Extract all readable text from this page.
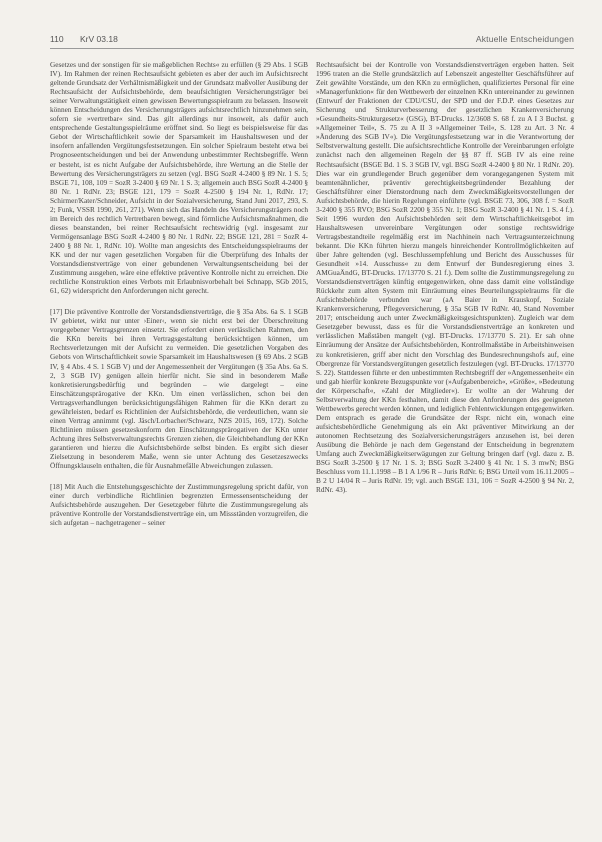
110 KrV 03.18	Aktuelle Entscheidungen

Gesetzes und der sonstigen für sie maßgeblichen Rechts« zu erfüllen (§ 29 Abs. 1 SGB IV). Im Rahmen der reinen Rechtsaufsicht gebieten es aber der auch im Aufsichtsrecht geltende Grundsatz der Verhältnismäßigkeit und der Grundsatz maßvoller Ausübung der Rechtsaufsicht der Aufsichtsbehörde, dem beaufsichtigten Versicherungsträger bei seiner Verwaltungstätigkeit einen gewissen Bewertungsspielraum zu belassen. Insoweit können Entscheidungen des Versicherungsträgers aufsichtsrechtlich hinzunehmen sein, sofern sie »vertretbar« sind. Das gilt allerdings nur insoweit, als dafür auch entsprechende Gestaltungsspielräume eröffnet sind. So liegt es beispielsweise für das Gebot der Wirtschaftlichkeit sowie der Sparsamkeit im Haushaltswesen und der insofern anfallenden Vergütungsfestsetzungen. Ein solcher Spielraum besteht etwa bei Prognoseentscheidungen und bei der Anwendung unbestimmter Rechtsbegriffe. Wenn er besteht, ist es nicht Aufgabe der Aufsichtsbehörde, ihre Wertung an die Stelle der Bewertung des Versicherungsträgers zu setzen (vgl. BSG SozR 4-2400 § 89 Nr. 1 S. 5; BSGE 71, 108, 109 = SozR 3-2400 § 69 Nr. 1 S. 3; allgemein auch BSG SozR 4-2400 § 80 Nr. 1 RdNr. 23; BSGE 121, 179 = SozR 4-2500 § 194 Nr. 1, RdNr. 17; Schirmer/Kater/Schneider, Aufsicht in der Sozialversicherung, Stand Juni 2017, 293, S. 2; Funk, VSSR 1990, 261, 271). Wenn sich das Handeln des Versicherungsträgers noch im Bereich des rechtlich Vertretbaren bewegt, sind förmliche Aufsichtsmaßnahmen, die dieses beanstanden, bei reiner Rechtsaufsicht rechtswidrig (vgl. insgesamt zur Vermögensanlage BSG SozR 4-2400 § 80 Nr. 1 RdNr. 22; BSGE 121, 281 = SozR 4-2400 § 88 Nr. 1, RdNr. 10). Wollte man angesichts des Entscheidungsspielraums der KK und der nur vagen gesetzlichen Vorgaben für die Überprüfung des Inhalts der Vorstandsdienstverträge von einer gebundenen Verwaltungsentscheidung bei der Zustimmung ausgehen, wäre eine effektive präventive Kontrolle nicht zu erreichen. Die rechtliche Konstruktion eines Verbots mit Erlaubnisvorbehalt bei Schnapp, SGb 2015, 61, 62) widerspricht den Anforderungen nicht gerecht.

[17] Die präventive Kontrolle der Vorstandsdienstverträge, die § 35a Abs. 6a S. 1 SGB IV gebietet, wirkt nur unter ›Einer‹, wenn sie nicht erst bei der Überschreitung vorgegebener Vertragsgrenzen einsetzt. Sie erfordert einen verlässlichen Rahmen, den die KKn bereits bei ihren Vertragsgestaltung berücksichtigen können, um Rechtsverletzungen mit der Aufsicht zu vermeiden. Die gesetzlichen Vorgaben des Gebots von Wirtschaftlichkeit sowie Sparsamkeit im Haushaltswesen (§ 69 Abs. 2 SGB IV, § 4 Abs. 4 S. 1 SGB V) und der Angemessenheit der Vergütungen (§ 35a Abs. 6a S. 2, 3 SGB IV) genügen allein hierfür nicht. Sie sind in besonderem Maße konkretisierungsbedürftig und begründen – wie dargelegt – eine Einschätzungsprärogative der KKn. Um einen verlässlichen, schon bei den Vertragsverhandlungen berücksichtigungsfähigen Rahmen für die KKn derart zu gewährleisten, bedarf es Richtlinien der Aufsichtsbehörde, die verdeutlichen, wann sie einen Vertrag annimmt (vgl. Jäsch/Lorbacher/Schwarz, NZS 2015, 169, 172). Solche Richtlinien müssen gesetzeskonform den Einschätzungsprärogativen der KKn unter Achtung ihres Selbstverwaltungsrechts Grenzen ziehen, die Gleichbehandlung der KKn garantieren und hierzu die Aufsichtsbehörde selbst binden. Es ergibt sich dieser Zielsetzung in besonderem Maße, wenn sie unter Achtung des Gesetzeszwecks Öffnungsklauseln enthalten, die für Ausnahmefälle Abweichungen zulassen.

[18] Mit Auch die Entstehungsgeschichte der Zustimmungsregelung spricht dafür, von einer durch verbindliche Richtlinien begrenzten Ermessensentscheidung der Aufsichtsbehörde auszugehen. Der Gesetzgeber führte die Zustimmungsregelung als präventive Kontrolle der Vorstandsdienstverträge ein, um Missständen vorzugreifen, die sich aufgetan – nachgetragener – seiner

Rechtsaufsicht bei der Kontrolle von Vorstandsdienstverträgen ergeben hatten. Seit 1996 traten an die Stelle grundsätzlich auf Lebenszeit angestellter Geschäftsführer auf Zeit gewählte Vorstände, um den KKn zu ermöglichen, qualifiziertes Personal für eine »Managerfunktion« für den Wettbewerb der einzelnen KKn untereinander zu gewinnen (Entwurf der Fraktionen der CDU/CSU, der SPD und der F.D.P. eines Gesetzes zur Sicherung und Strukturverbesserung der gesetzlichen Krankenversicherung »Gesundheits-Strukturgesetz« (GSG), BT-Drucks. 12/3608 S. 68 f. zu A I 3 Buchst. g »Allgemeiner Teil«, S. 75 zu A II 3 »Allgemeiner Teil«, S. 128 zu Art. 3 Nr. 4 »Änderung des SGB IV«). Die Vergütungsfestsetzung war in die Verantwortung der Selbstverwaltung gestellt. Die aufsichtsrechtliche Kontrolle der Vereinbarungen erfolgte zunächst nach den allgemeinen Regeln der §§ 87 ff. SGB IV als eine reine Rechtsaufsicht (BSGE Bd. 1 S. 3 SGB IV, vgl. BSG SozR 4-2400 § 80 Nr. 1 RdNr. 20). Dies war ein grundlegender Bruch gegenüber dem vorangegangenen System mit beamtenähnlicher, präventiv gerechtigkeitsbegründender Bezahlung der Geschäftsführer einer Dienstordnung nach dem Zweckmäßigkeitsvorstellungen der Aufsichtsbehörde, die hierin Regelungen einführte (vgl. BSGE 73, 306, 308 f. = SozR 3-2400 § 355 RVO; BSG SozR 2200 § 355 Nr. 1; BSG SozR 3-2400 § 41 Nr. 1 S. 4 f.). Seit 1996 wurden den Aufsichtsbehörden seit dem Wirtschaftlichkeitsgebot im Haushaltswesen unvereinbare Vergütungen oder sonstige rechtswidrige Vertragsbestandteile regelmäßig erst im Nachhinein nach Vertragsunterzeichnung bekannt. Die KKn führten hierzu mangels hinreichender Kontrollmöglichkeiten auf über Jahre geltenden (vgl. Beschlussempfehlung und Bericht des Ausschusses für Gesundheit »14. Ausschuss« zu dem Entwurf der Bundesregierung eines 3. AMGuaÄndG, BT-Drucks. 17/13770 S. 21 f.). Dem sollte die Zustimmungsregelung zu Vorstandsdienstverträgen künftig entgegenwirken, ohne dass damit eine vollständige Rückkehr zum alten System mit Einräumung eines Beurteilungsspielraums für die Aufsichtsbehörde verbunden war (aA Baier in Krauskopf, Soziale Krankenversicherung, Pflegeversicherung, § 35a SGB IV RdNr. 40, Stand November 2017; entscheidung auch unter Zweckmäßigkeitsgesichtspunkten). Zugleich war dem Gesetzgeber bewusst, dass es für die Vorstandsdienstverträge an konkreten und verlässlichen Maßstäben mangelt (vgl. BT-Drucks. 17/13770 S. 21). Er sah ohne Einräumung der Ansätze der Aufsichtsbehörden, Kontrollmaßstäbe in Arbeitshinweisen zu konkretisieren, griff aber nicht den Vorschlag des Bundesrechnungshofs auf, eine Obergrenze für Vorstandsvergütungen gesetzlich festzulegen (vgl. BT-Drucks. 17/13770 S. 22). Stattdessen führte er den unbestimmten Rechtsbegriff der »Angemessenheit« ein und gab hierfür konkrete Bezugspunkte vor (»Aufgabenbereich«, »Größe«, »Bedeutung der Körperschaft«, »Zahl der Mitglieder«). Er wollte an der Wahrung der Selbstverwaltung der KKn festhalten, damit diese den Anforderungen des geeigneten Wettbewerbs gerecht werden können, und lediglich Fehlentwicklungen entgegenwirken. Dem entsprach es gerade die Grundsätze der Rspr. nicht ein, wonach eine aufsichtsbehördliche Genehmigung als ein Akt präventiver Mitwirkung an der autonomen Rechtsetzung des Sozialversicherungsträgers anzusehen ist, bei deren Ausübung die Behörde je nach dem Gegenstand der Entscheidung in begrenztem Umfang auch Zweckmäßigkeitserwägungen zur Geltung bringen darf (vgl. dazu z. B. BSG SozR 3-2500 § 17 Nr. 1 S. 3; BSG SozR 3-2400 § 41 Nr. 1 S. 3 mwN; BSG Beschluss vom 11.1.1998 – B 1 A 1/96 R – Juris RdNr. 6; BSG Urteil vom 16.11.2005 – B 2 U 14/04 R – Juris RdNr. 19; vgl. auch BSGE 131, 106 = SozR 4-2500 § 94 Nr. 2, RdNr. 43).
